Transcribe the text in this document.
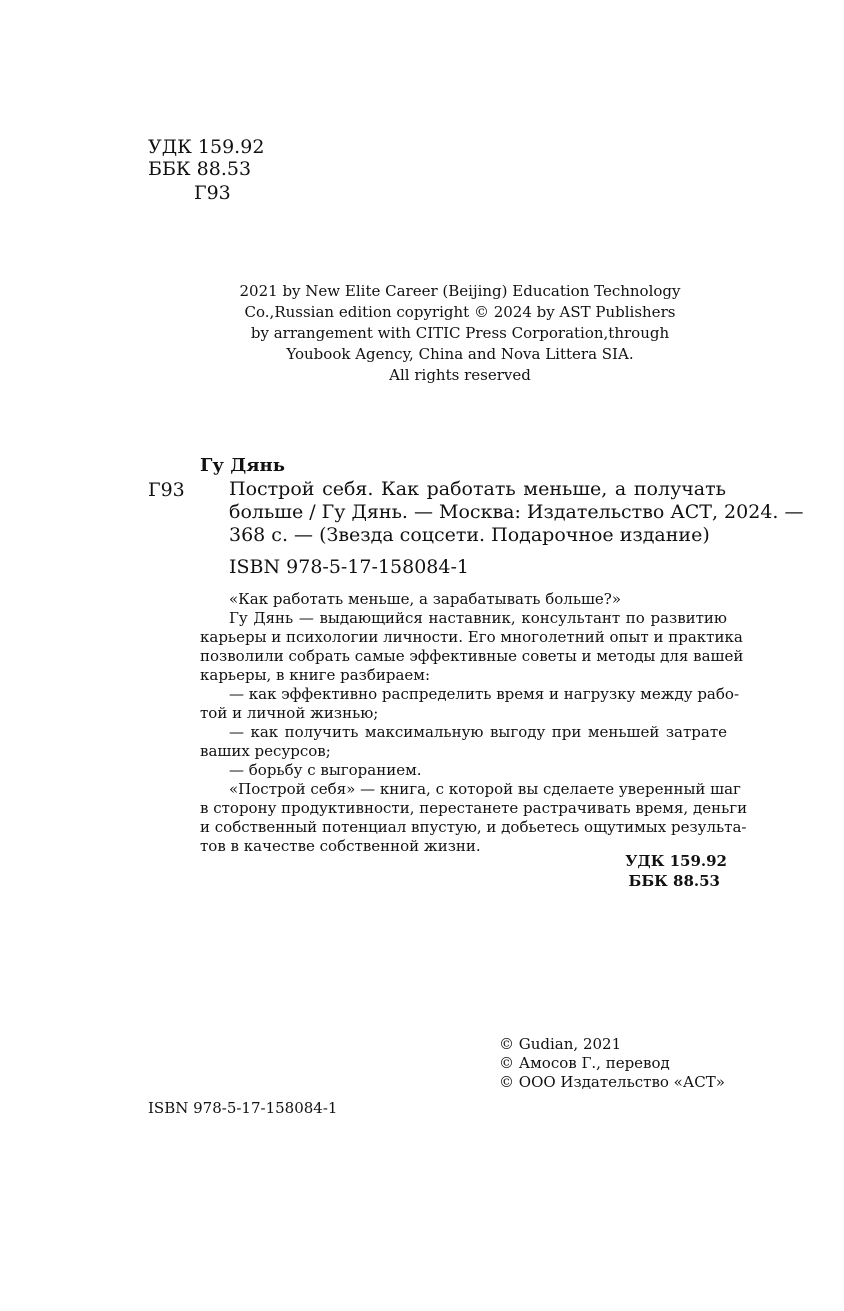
УДК 159.92
ББК 88.53
Г93
2021 by New Elite Career (Beijing) Education Technology
Co.,Russian edition copyright © 2024 by AST Publishers
by arrangement with CITIC Press Corporation,through
Youbook Agency, China and Nova Littera SIA.
All rights reserved
Гу Дянь
Г93 Построй себя. Как работать меньше, а получать
больше / Гу Дянь. — Москва: Издательство АСТ, 2024. —
368 с. — (Звезда соцсети. Подарочное издание)
ISBN 978-5-17-158084-1
«Как работать меньше, а зарабатывать больше?»
Гу Дянь — выдающийся наставник, консультант по развитию
карьеры и психологии личности. Его многолетний опыт и практика
позволили собрать самые эффективные советы и методы для вашей
карьеры, в книге разбираем:
— как эффективно распределить время и нагрузку между рабо-
той и личной жизнью;
— как получить максимальную выгоду при меньшей затрате
ваших ресурсов;
— борьбу с выгоранием.
«Построй себя» — книга, с которой вы сделаете уверенный шаг
в сторону продуктивности, перестанете растрачивать время, деньги
и собственный потенциал впустую, и добьетесь ощутимых результа-
тов в качестве собственной жизни.
УДК 159.92
ББК 88.53
© Gudian, 2021
© Амосов Г., перевод
© ООО Издательство «АСТ»
ISBN 978-5-17-158084-1
